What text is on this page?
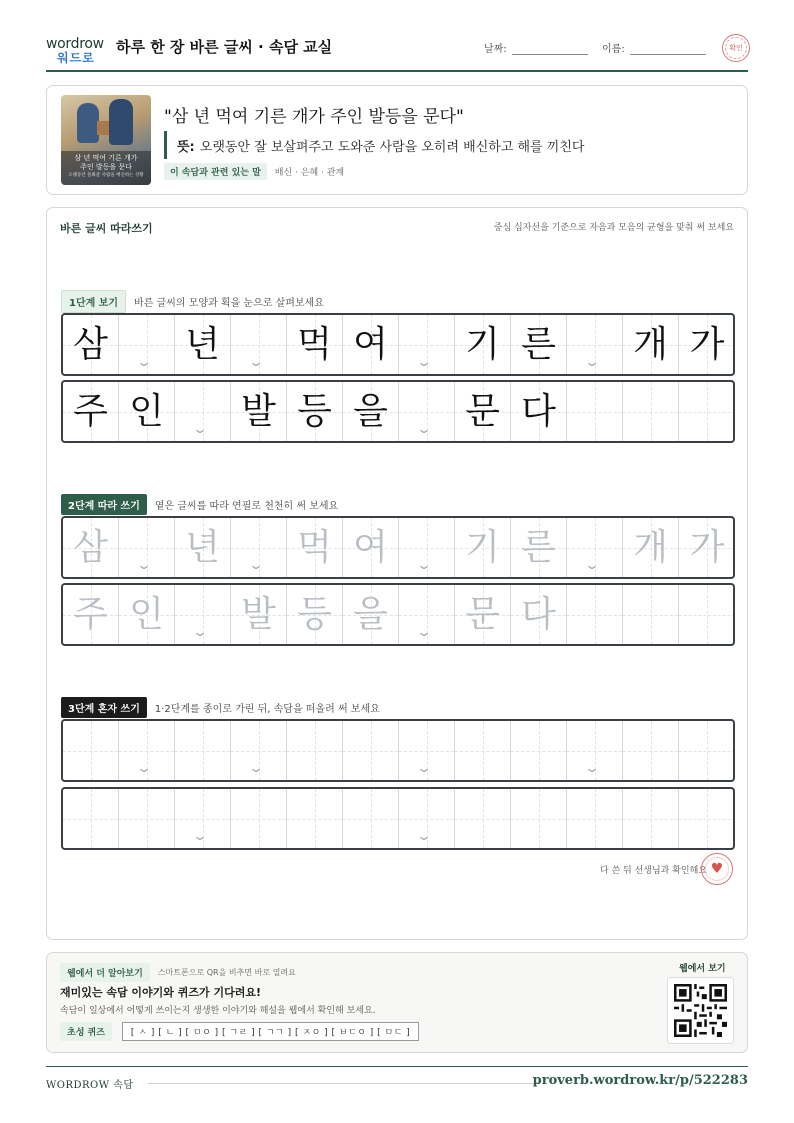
wordrow
워드로
하루 한 장 바른 글씨 · 속담 교실	날짜:	이름:	확인
삼 년 먹여 기른 개가
주인 발등을 문다
오랫동안 돌봐준 사람을 배신하는 상황
"삼 년 먹여 기른 개가 주인 발등을 문다"
뜻: 오랫동안 잘 보살펴주고 도와준 사람을 오히려 배신하고 해를 끼친다
이 속담과 관련 있는 말	배신 · 은혜 · 관계
바른 글씨 따라쓰기	중심 십자선을 기준으로 자음과 모음의 균형을 맞춰 써 보세요
1단계 보기	바른 글씨의 모양과 획을 눈으로 살펴보세요
삼 ⌄ 년 ⌄ 먹 여 ⌄ 기 른 ⌄ 개 가
주 인 ⌄ 발 등 을 ⌄ 문 다
2단계 따라 쓰기	옅은 글씨를 따라 연필로 천천히 써 보세요
삼 ⌄ 년 ⌄ 먹 여 ⌄ 기 른 ⌄ 개 가
주 인 ⌄ 발 등 을 ⌄ 문 다
3단계 혼자 쓰기	1·2단계를 종이로 가린 뒤, 속담을 떠올려 써 보세요
⌄	⌄	⌄	⌄
⌄	⌄
다 쓴 뒤 선생님과 확인해요 ♥
웹에서 더 알아보기	스마트폰으로 QR을 비추면 바로 열려요
재미있는 속담 이야기와 퀴즈가 기다려요!
속담이 일상에서 어떻게 쓰이는지 생생한 이야기와 해설을 웹에서 확인해 보세요.
초성 퀴즈	[ ㅅ ] [ ㄴ ] [ ㅁㅇ ] [ ㄱㄹ ] [ ㄱㄱ ] [ ㅈㅇ ] [ ㅂㄷㅇ ] [ ㅁㄷ ]
웹에서 보기
WORDROW 속담	proverb.wordrow.kr/p/522283
